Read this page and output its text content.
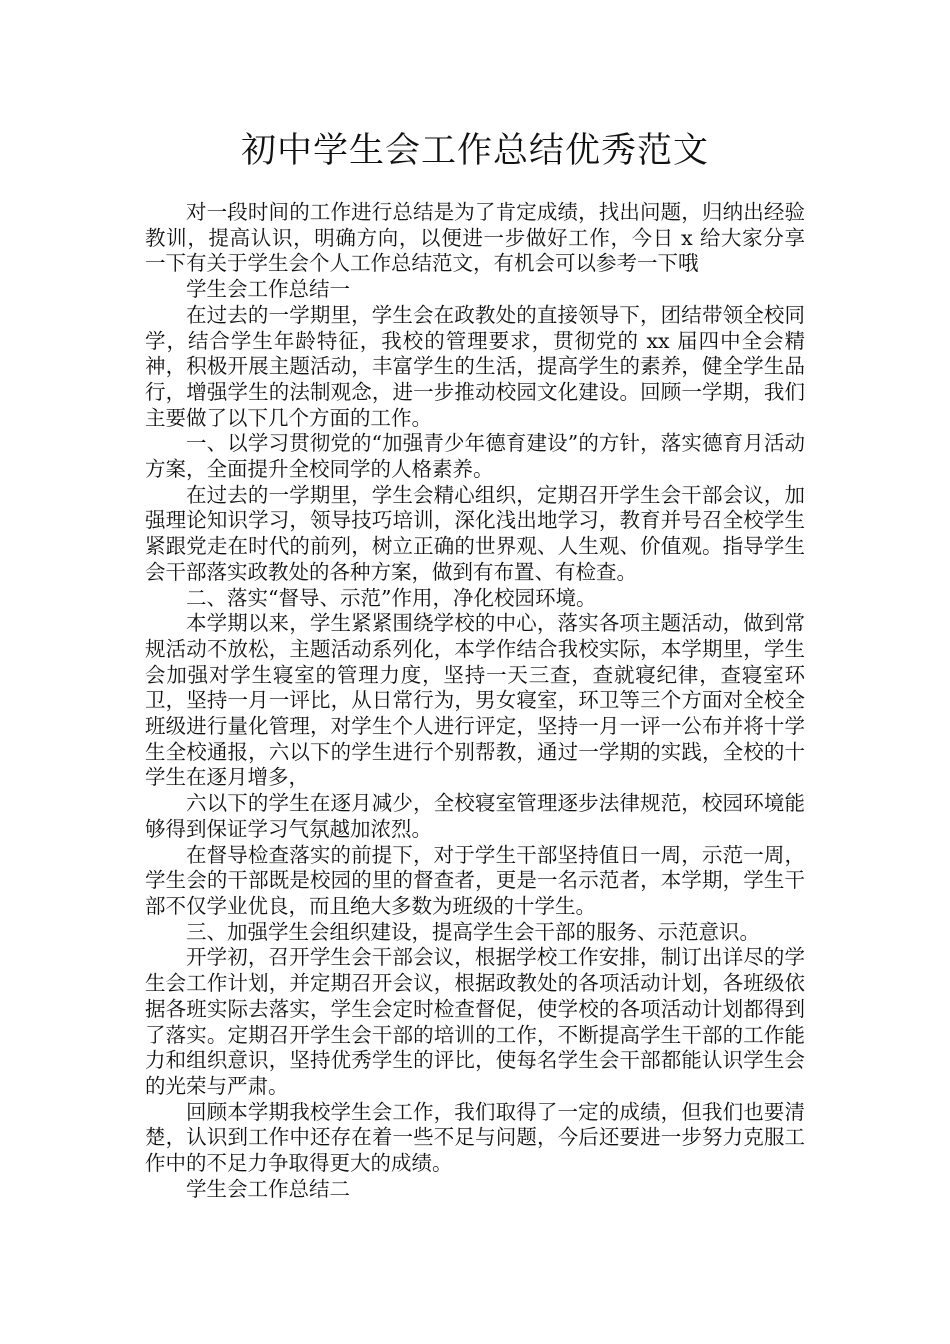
初中学生会工作总结优秀范文

对一段时间的工作进行总结是为了肯定成绩，找出问题，归纳出经验教训，提高认识，明确方向，以便进一步做好工作，今日 x 给大家分享一下有关于学生会个人工作总结范文，有机会可以参考一下哦

学生会工作总结一

在过去的一学期里，学生会在政教处的直接领导下，团结带领全校同学，结合学生年龄特征，我校的管理要求，贯彻党的 xx 届四中全会精神，积极开展主题活动，丰富学生的生活，提高学生的素养，健全学生品行，增强学生的法制观念，进一步推动校园文化建设。回顾一学期，我们主要做了以下几个方面的工作。

一、以学习贯彻党的“加强青少年德育建设”的方针，落实德育月活动方案，全面提升全校同学的人格素养。

在过去的一学期里，学生会精心组织，定期召开学生会干部会议，加强理论知识学习，领导技巧培训，深化浅出地学习，教育并号召全校学生紧跟党走在时代的前列，树立正确的世界观、人生观、价值观。指导学生会干部落实政教处的各种方案，做到有布置、有检查。

二、落实“督导、示范”作用，净化校园环境。

本学期以来，学生紧紧围绕学校的中心，落实各项主题活动，做到常规活动不放松，主题活动系列化，本学作结合我校实际，本学期里，学生会加强对学生寝室的管理力度，坚持一天三查，查就寝纪律，查寝室环卫，坚持一月一评比，从日常行为，男女寝室，环卫等三个方面对全校全班级进行量化管理，对学生个人进行评定，坚持一月一评一公布并将十学生全校通报，六以下的学生进行个别帮教，通过一学期的实践，全校的十学生在逐月增多，

六以下的学生在逐月减少，全校寝室管理逐步法律规范，校园环境能够得到保证学习气氛越加浓烈。

在督导检查落实的前提下，对于学生干部坚持值日一周，示范一周，学生会的干部既是校园的里的督查者，更是一名示范者，本学期，学生干部不仅学业优良，而且绝大多数为班级的十学生。

三、加强学生会组织建设，提高学生会干部的服务、示范意识。

开学初，召开学生会干部会议，根据学校工作安排，制订出详尽的学生会工作计划，并定期召开会议，根据政教处的各项活动计划，各班级依据各班实际去落实，学生会定时检查督促，使学校的各项活动计划都得到了落实。定期召开学生会干部的培训的工作，不断提高学生干部的工作能力和组织意识，坚持优秀学生的评比，使每名学生会干部都能认识学生会的光荣与严肃。

回顾本学期我校学生会工作，我们取得了一定的成绩，但我们也要清楚，认识到工作中还存在着一些不足与问题，今后还要进一步努力克服工作中的不足力争取得更大的成绩。

学生会工作总结二
